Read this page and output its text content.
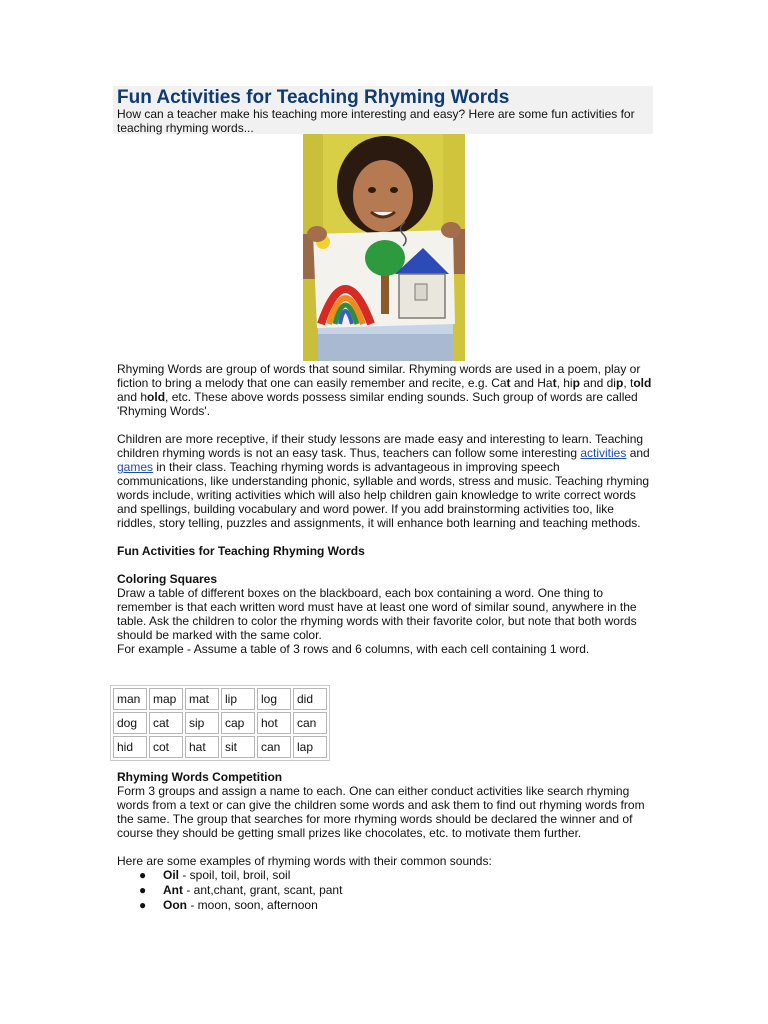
Fun Activities for Teaching Rhyming Words
How can a teacher make his teaching more interesting and easy? Here are some fun activities for teaching rhyming words...

Rhyming Words are group of words that sound similar. Rhyming words are used in a poem, play or fiction to bring a melody that one can easily remember and recite, e.g. Cat and Hat, hip and dip, told and hold, etc. These above words possess similar ending sounds. Such group of words are called 'Rhyming Words'.

Children are more receptive, if their study lessons are made easy and interesting to learn. Teaching children rhyming words is not an easy task. Thus, teachers can follow some interesting activities and games in their class. Teaching rhyming words is advantageous in improving speech communications, like understanding phonic, syllable and words, stress and music. Teaching rhyming words include, writing activities which will also help children gain knowledge to write correct words and spellings, building vocabulary and word power. If you add brainstorming activities too, like riddles, story telling, puzzles and assignments, it will enhance both learning and teaching methods.

Fun Activities for Teaching Rhyming Words

Coloring Squares

Draw a table of different boxes on the blackboard, each box containing a word. One thing to remember is that each written word must have at least one word of similar sound, anywhere in the table. Ask the children to color the rhyming words with their favorite color, but note that both words should be marked with the same color.

For example - Assume a table of 3 rows and 6 columns, with each cell containing 1 word.

man	map	mat	lip	log	did
dog	cat	sip	cap	hot	can
hid	cot	hat	sit	can	lap

Rhyming Words Competition

Form 3 groups and assign a name to each. One can either conduct activities like search rhyming words from a text or can give the children some words and ask them to find out rhyming words from the same. The group that searches for more rhyming words should be declared the winner and of course they should be getting small prizes like chocolates, etc. to motivate them further.

Here are some examples of rhyming words with their common sounds:

● Oil - spoil, toil, broil, soil
● Ant - ant,chant, grant, scant, pant
● Oon - moon, soon, afternoon
